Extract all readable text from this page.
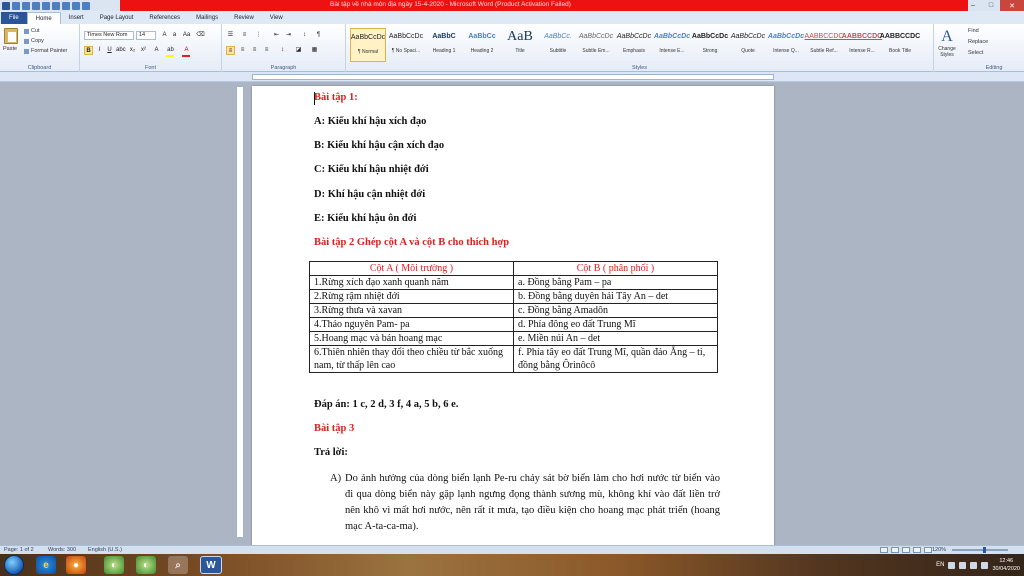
Bài tập về nhà môn địa ngày 15-4-2020 - Microsoft Word (Product Activation Failed)	–	□	✕
File	Home	Insert	Page Layout	References	Mailings	Review	View
Paste
Cut
Copy
Format Painter
Clipboard
Times New Rom	14	A	a	Aa ⌫
B	I	U abc x₂ x²	A	ab	A
Font
☰	≡	⋮	⇤	⇥	↕	¶
≡	≡	≡	≡	↕	◪ ▦
Paragraph
AaBbCcDc
¶ Normal
AaBbCcDc
¶ No Spaci...
AaBbC
Heading 1
AaBbCc
Heading 2
AaB
Title
AaBbCc.
Subtitle
AaBbCcDc
Subtle Em...
AaBbCcDc
Emphasis
AaBbCcDc
Intense E...
AaBbCcDc
Strong
AaBbCcDc
Quote
AaBbCcDc
Intense Q...
AABBCCDC
Subtle Ref...
AABBCCDC
Intense R...
AABBCCDC
Book Title
A
Change Styles
Styles
Find
Replace
Select
Editing
Bài tập 1:
A: Kiểu khí hậu xích đạo
B: Kiểu khí hậu cận xích đạo
C: Kiểu khí hậu nhiệt đới
D: Khí hậu cận nhiệt đới
E: Kiểu khí hậu ôn đới
Bài tập 2 Ghép cột A và cột B cho thích hợp
Cột A ( Môi trường )	Cột B ( phân phối )
1.Rừng xích đạo xanh quanh năm	a. Đồng bằng Pam – pa
2.Rừng rậm nhiệt đới	b. Đồng bằng duyên hải Tây An – det
3.Rừng thưa và xavan	c. Đồng bằng Amadôn
4.Thảo nguyên Pam- pa	d. Phía đông eo đất Trung Mĩ
5.Hoang mạc và bán hoang mạc	e. Miền núi An – det
6.Thiên nhiên thay đổi theo chiều từ bắc xuống nam, từ thấp lên cao	f. Phía tây eo đất Trung Mĩ, quần đảo Ẳng – ti, đồng bằng Ôrinôcô
Đáp án: 1 c, 2 d, 3 f, 4 a, 5 b, 6 e.
Bài tập 3
Trả lời:
A) Do ảnh hưởng của dòng biển lạnh Pe-ru chảy sát bờ biển làm cho hơi nước từ biển vào đi qua dòng biển này gặp lạnh ngưng đọng thành sương mù, không khí vào đất liền trở nên khô vì mất hơi nước, nên rất ít mưa, tạo điều kiện cho hoang mạc phát triển (hoang mạc A-ta-ca-ma).
Page: 1 of 2	Words: 300 English (U.S.)	120%
e	●	◐	◐	⌕	W	EN
12:46
30/04/2020
